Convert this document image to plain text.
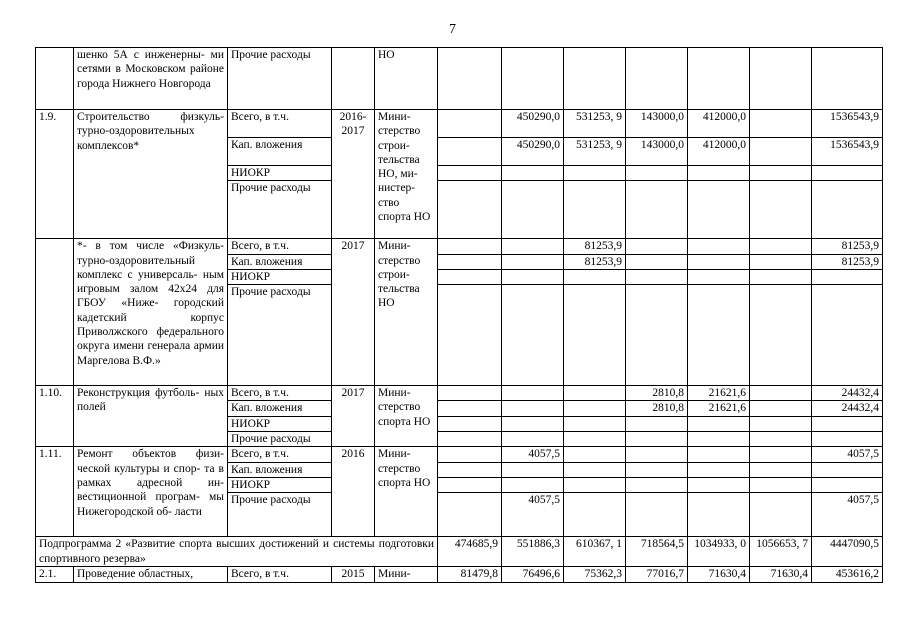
7
	шенко 5А с инженерны- ми сетями в Московском районе города Нижнего Новгорода	Прочие расходы		НО							
1.9.	Строительство физкуль- турно-оздоровительных комплексов*	Всего, в т.ч.	2016- 2017	Мини- стерство строи- тельства НО, ми- нистер- ство спорта НО		450290,0	531253, 9	143000,0	412000,0		1536543,9
		Кап. вложения				450290,0	531253, 9	143000,0	412000,0		1536543,9
		НИОКР									
		Прочие расходы									
	*- в том числе «Физкуль- турно-оздоровительный комплекс с универсаль- ным игровым залом 42х24 для ГБОУ «Ниже- городский кадетский корпус Приволжского федерального округа имени генерала армии Маргелова В.Ф.»	Всего, в т.ч.	2017	Мини- стерство строи- тельства НО			81253,9				81253,9
		Кап. вложения					81253,9				81253,9
		НИОКР									
		Прочие расходы									
1.10.	Реконструкция футболь- ных полей	Всего, в т.ч.	2017	Мини- стерство спорта НО				2810,8	21621,6		24432,4
		Кап. вложения						2810,8	21621,6		24432,4
		НИОКР									
		Прочие расходы									
1.11.	Ремонт объектов физи- ческой культуры и спор- та в рамках адресной ин- вестиционной програм- мы Нижегородской об- ласти	Всего, в т.ч.	2016	Мини- стерство спорта НО		4057,5					4057,5
		Кап. вложения									
		НИОКР									
		Прочие расходы				4057,5					4057,5
Подпрограмма 2 «Развитие спорта высших достижений и системы подготовки спортивного резерва»					474685,9	551886,3	610367, 1	718564,5	1034933, 0	1056653, 7	4447090,5
2.1.	Проведение областных,	Всего, в т.ч.	2015	Мини-	81479,8	76496,6	75362,3	77016,7	71630,4	71630,4	453616,2
